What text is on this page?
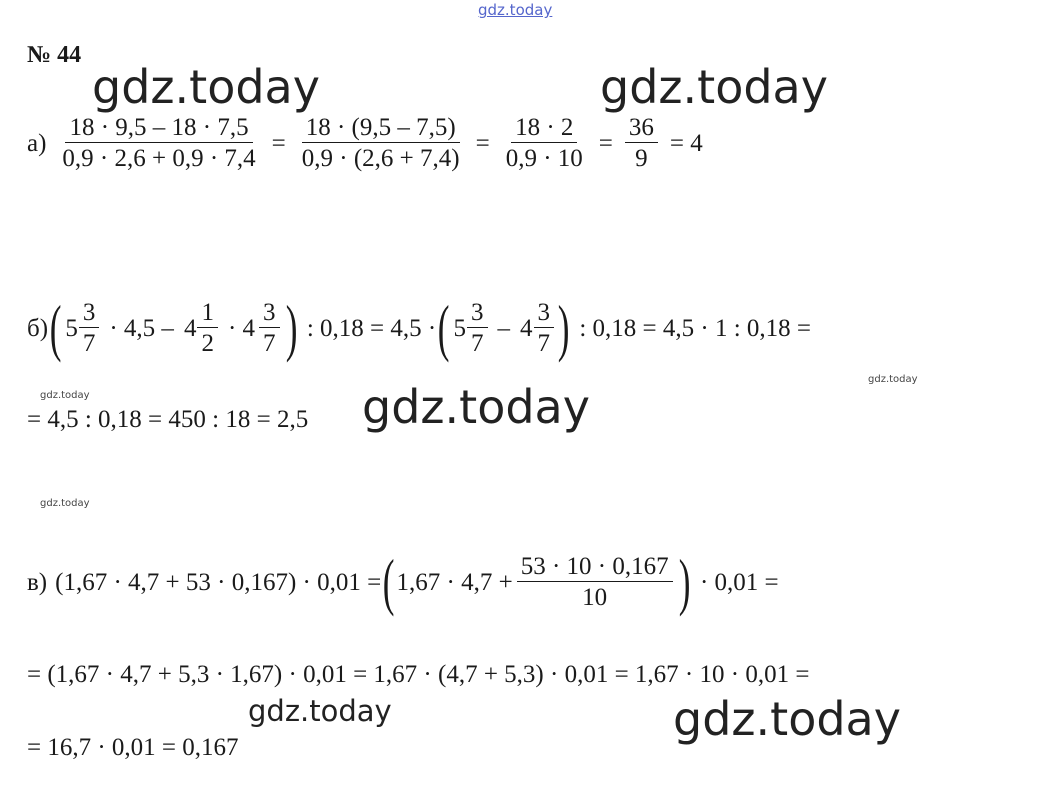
gdz.today
gdz.today	gdz.today
gdz.today
gdz.today
gdz.today
gdz.today
gdz.today
gdz.today
№ 44
$а) \frac{18 \cdot 9,5 - 18 \cdot 7,5}{0,9 \cdot 2,6 + 0,9 \cdot 7,4} = \frac{18 \cdot (9,5 - 7,5)}{0,9 \cdot (2,6 + 7,4)} = \frac{18 \cdot 2}{0,9 \cdot 10} = \frac{36}{9} = 4$
б) ( $5 \frac{3}{7} \cdot 4,5 - 4 \frac{1}{2} \cdot 4 \frac{3}{7}$ ) : 0,18 = 4,5 · ( $5 \frac{3}{7} - 4 \frac{3}{7}$ ) : 0,18 = 4,5 · 1 : 0,18 =
= 4,5 : 0,18 = 450 : 18 = 2,5
в) (1,67 · 4,7 + 53 · 0,167) · 0,01 = ( $1,67 \cdot 4,7 + \frac{53 \cdot 10 \cdot 0,167}{10}$ ) · 0,01 =
= (1,67 · 4,7 + 5,3 · 1,67) · 0,01 = 1,67 · (4,7 + 5,3) · 0,01 = 1,67 · 10 · 0,01 =
= 16,7 · 0,01 = 0,167
